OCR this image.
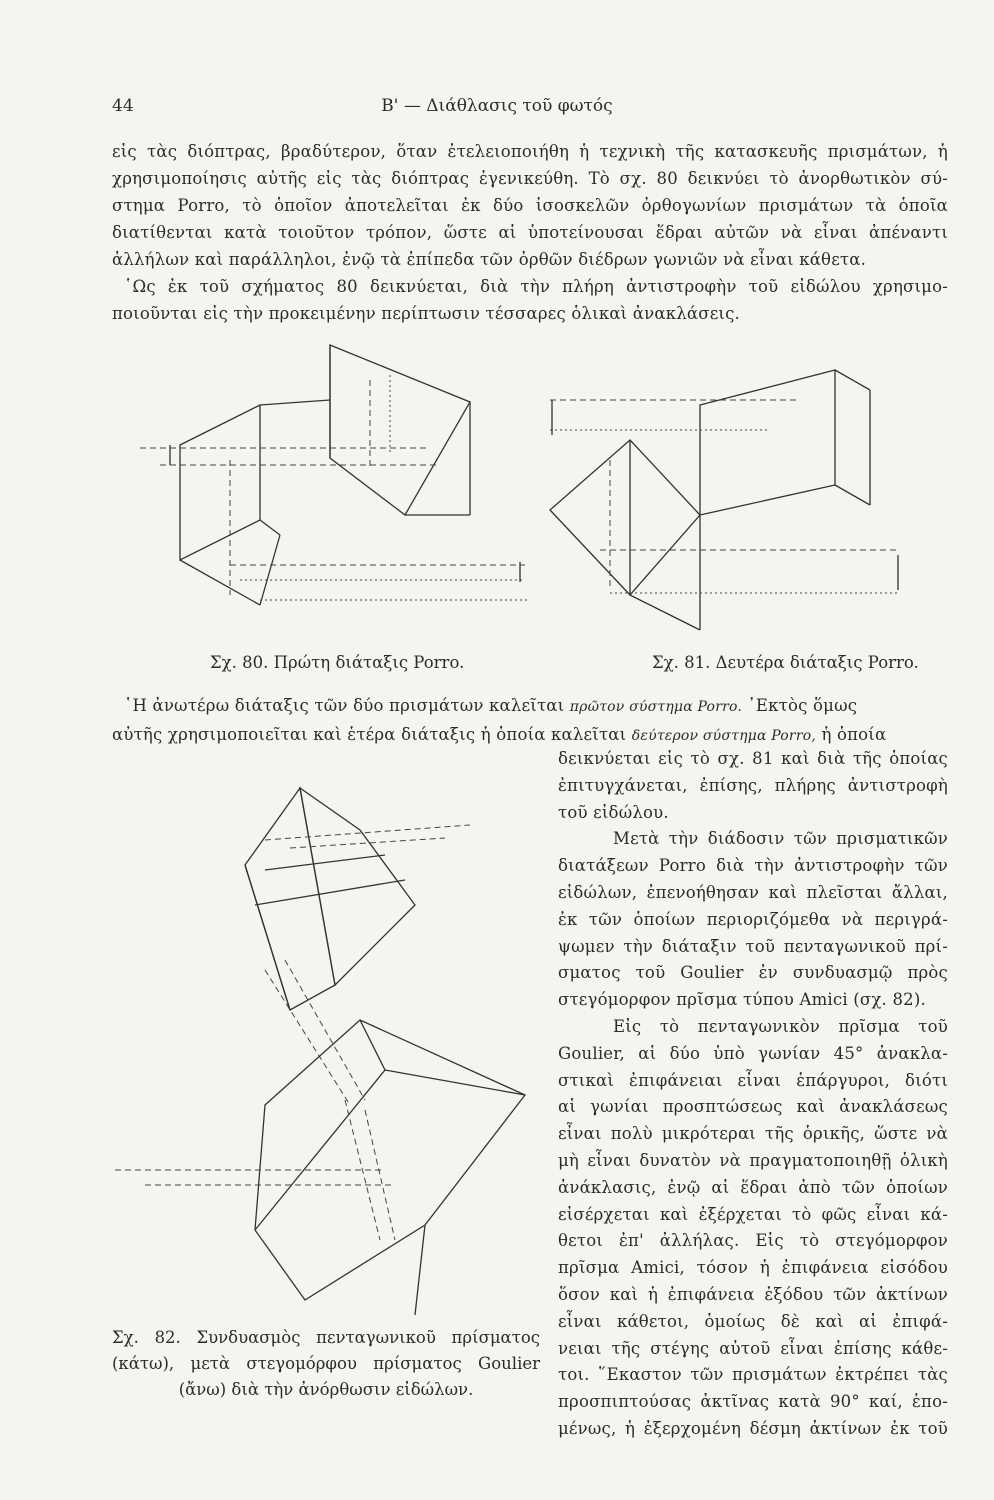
44	Β' — Διάθλασις τοῦ φωτός
εἰς τὰς διόπτρας, βραδύτερον, ὅταν ἐτελειοποιήθη ἡ τεχνικὴ τῆς κατασκευῆς πρισμάτων, ἡ
χρησιμοποίησις αὐτῆς εἰς τὰς διόπτρας ἐγενικεύθη. Τὸ σχ. 80 δεικνύει τὸ ἀνορθωτικὸν σύ-
στημα Porro, τὸ ὁποῖον ἀποτελεῖται ἐκ δύο ἰσοσκελῶν ὀρθογωνίων πρισμάτων τὰ ὁποῖα
διατίθενται κατὰ τοιοῦτον τρόπον, ὥστε αἱ ὑποτείνουσαι ἕδραι αὐτῶν νὰ εἶναι ἀπέναντι
ἀλλήλων καὶ παράλληλοι, ἐνῷ τὰ ἐπίπεδα τῶν ὀρθῶν διέδρων γωνιῶν νὰ εἶναι κάθετα.
῾Ως ἐκ τοῦ σχήματος 80 δεικνύεται, διὰ τὴν πλήρη ἀντιστροφὴν τοῦ εἰδώλου χρησιμο-
ποιοῦνται εἰς τὴν προκειμένην περίπτωσιν τέσσαρες ὁλικαὶ ἀνακλάσεις.
Σχ. 80. Πρώτη διάταξις Porro.	Σχ. 81. Δευτέρα διάταξις Porro.
῾Η ἀνωτέρω διάταξις τῶν δύο πρισμάτων καλεῖται πρῶτον σύστημα Porro. ᾿Εκτὸς ὅμως
αὐτῆς χρησιμοποιεῖται καὶ ἑτέρα διάταξις ἡ ὁποία καλεῖται δεύτερον σύστημα Porro, ἡ ὁποία
δεικνύεται εἰς τὸ σχ. 81 καὶ διὰ τῆς ὁποίας
ἐπιτυγχάνεται, ἐπίσης, πλήρης ἀντιστροφὴ
τοῦ εἰδώλου.
Μετὰ τὴν διάδοσιν τῶν πρισματικῶν
διατάξεων Porro διὰ τὴν ἀντιστροφὴν τῶν
εἰδώλων, ἐπενοήθησαν καὶ πλεῖσται ἄλλαι,
ἐκ τῶν ὁποίων περιοριζόμεθα νὰ περιγρά-
ψωμεν τὴν διάταξιν τοῦ πενταγωνικοῦ πρί-
σματος τοῦ Goulier ἐν συνδυασμῷ πρὸς
στεγόμορφον πρῖσμα τύπου Amici (σχ. 82).
Εἰς τὸ πενταγωνικὸν πρῖσμα τοῦ
Goulier, αἱ δύο ὑπὸ γωνίαν 45° ἀνακλα-
στικαὶ ἐπιφάνειαι εἶναι ἐπάργυροι, διότι
αἱ γωνίαι προσπτώσεως καὶ ἀνακλάσεως
εἶναι πολὺ μικρότεραι τῆς ὁρικῆς, ὥστε νὰ
μὴ εἶναι δυνατὸν νὰ πραγματοποιηθῇ ὁλικὴ
ἀνάκλασις, ἐνῷ αἱ ἕδραι ἀπὸ τῶν ὁποίων
εἰσέρχεται καὶ ἐξέρχεται τὸ φῶς εἶναι κά-
θετοι ἐπ' ἀλλήλας. Εἰς τὸ στεγόμορφον
πρῖσμα Amici, τόσον ἡ ἐπιφάνεια εἰσόδου
ὅσον καὶ ἡ ἐπιφάνεια ἐξόδου τῶν ἀκτίνων
εἶναι κάθετοι, ὁμοίως δὲ καὶ αἱ ἐπιφά-
νειαι τῆς στέγης αὐτοῦ εἶναι ἐπίσης κάθε-
τοι. ῞Εκαστον τῶν πρισμάτων ἐκτρέπει τὰς
προσπιπτούσας ἀκτῖνας κατὰ 90° καί, ἑπο-
μένως, ἡ ἐξερχομένη δέσμη ἀκτίνων ἐκ τοῦ
Σχ. 82. Συνδυασμὸς πενταγωνικοῦ πρίσματος
(κάτω), μετὰ στεγομόρφου πρίσματος Goulier
(ἄνω) διὰ τὴν ἀνόρθωσιν εἰδώλων.
